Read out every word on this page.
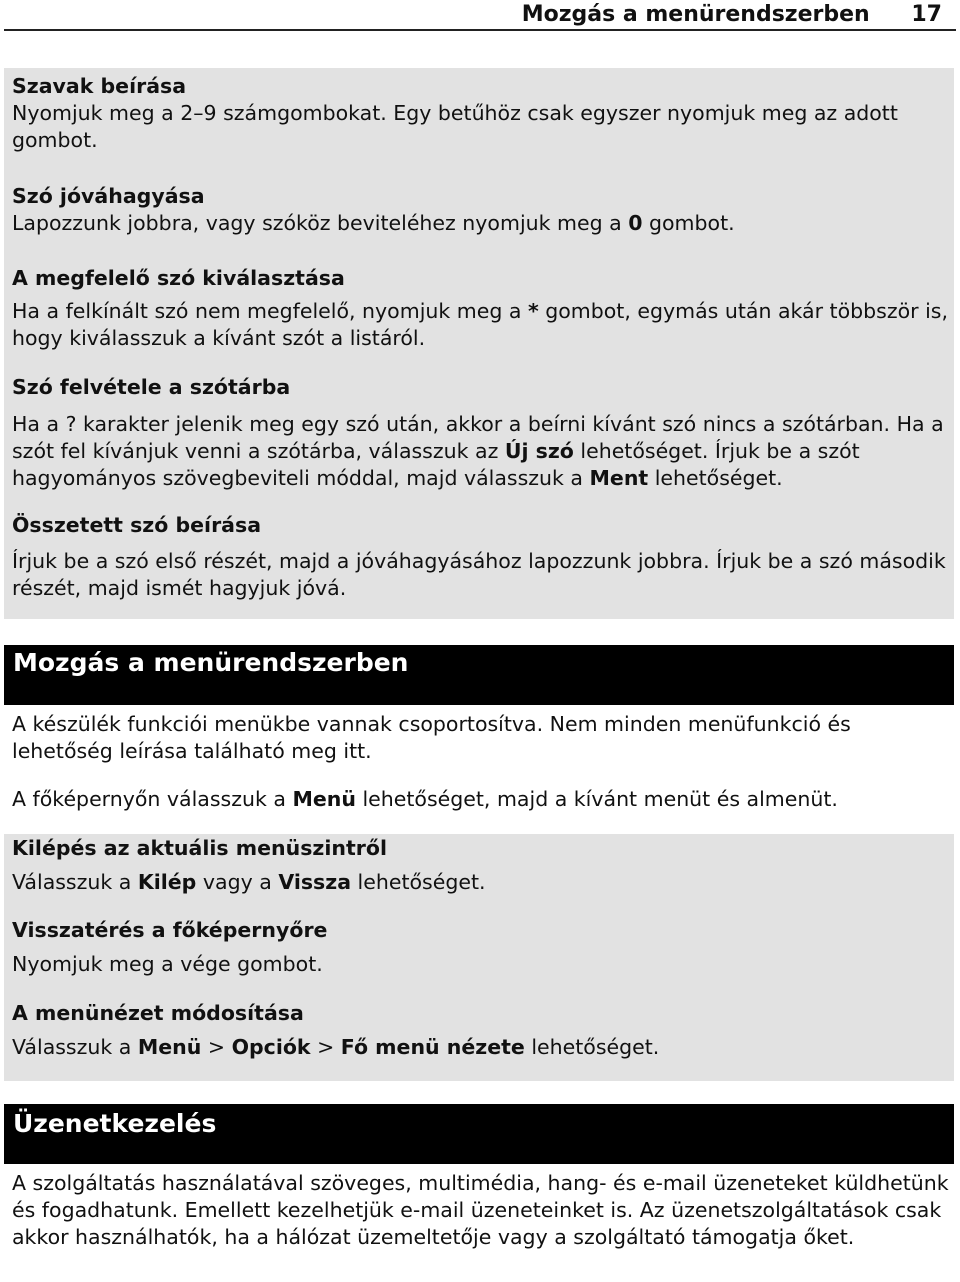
Mozgás a menürendszerben 17
Szavak beírása

Nyomjuk meg a 2–9 számgombokat. Egy betűhöz csak egyszer nyomjuk meg az adott gombot.

Szó jóváhagyása

Lapozzunk jobbra, vagy szóköz beviteléhez nyomjuk meg a 0 gombot.

A megfelelő szó kiválasztása

Ha a felkínált szó nem megfelelő, nyomjuk meg a * gombot, egymás után akár többször is, hogy kiválasszuk a kívánt szót a listáról.

Szó felvétele a szótárba

Ha a ? karakter jelenik meg egy szó után, akkor a beírni kívánt szó nincs a szótárban. Ha a szót fel kívánjuk venni a szótárba, válasszuk az Új szó lehetőséget. Írjuk be a szót hagyományos szövegbeviteli móddal, majd válasszuk a Ment lehetőséget.

Összetett szó beírása

Írjuk be a szó első részét, majd a jóváhagyásához lapozzunk jobbra. Írjuk be a szó második részét, majd ismét hagyjuk jóvá.

Mozgás a menürendszerben

A készülék funkciói menükbe vannak csoportosítva. Nem minden menüfunkció és lehetőség leírása található meg itt.

A főképernyőn válasszuk a Menü lehetőséget, majd a kívánt menüt és almenüt.

Kilépés az aktuális menüszintről

Válasszuk a Kilép vagy a Vissza lehetőséget.

Visszatérés a főképernyőre

Nyomjuk meg a vége gombot.

A menünézet módosítása

Válasszuk a Menü > Opciók > Fő menü nézete lehetőséget.

Üzenetkezelés

A szolgáltatás használatával szöveges, multimédia, hang- és e-mail üzeneteket küldhetünk és fogadhatunk. Emellett kezelhetjük e-mail üzeneteinket is. Az üzenetszolgáltatások csak akkor használhatók, ha a hálózat üzemeltetője vagy a szolgáltató támogatja őket.
